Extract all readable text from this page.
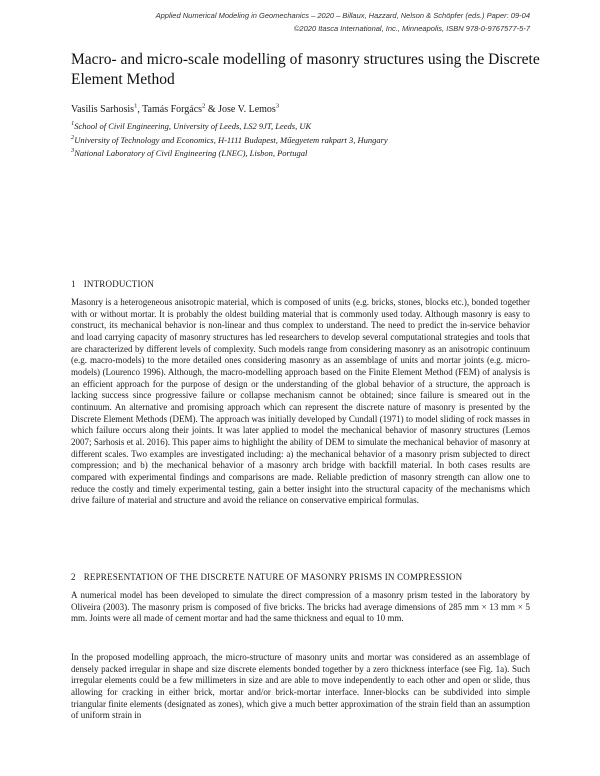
Applied Numerical Modeling in Geomechanics – 2020 – Billaux, Hazzard, Nelson & Schöpfer (eds.) Paper: 09-04
©2020 Itasca International, Inc., Minneapolis, ISBN 978-0-9767577-5-7
Macro- and micro-scale modelling of masonry structures using the Discrete Element Method
Vasilis Sarhosis$^1$, Tamás Forgács$^2$ & Jose V. Lemos$^3$
$^1$School of Civil Engineering, University of Leeds, LS2 9JT, Leeds, UK
$^2$University of Technology and Economics, H-1111 Budapest, Műegyetem rakpart 3, Hungary
$^3$National Laboratory of Civil Engineering (LNEC), Lisbon, Portugal
1 INTRODUCTION

Masonry is a heterogeneous anisotropic material, which is composed of units (e.g. bricks, stones, blocks etc.), bonded together with or without mortar. It is probably the oldest building material that is commonly used today. Although masonry is easy to construct, its mechanical behavior is non-linear and thus complex to understand. The need to predict the in-service behavior and load carrying capacity of masonry structures has led researchers to develop several computational strategies and tools that are characterized by different levels of complexity. Such models range from considering masonry as an anisotropic continuum (e.g. macro-models) to the more detailed ones considering masonry as an assemblage of units and mortar joints (e.g. micro-models) (Lourenco 1996). Although, the macro-modelling approach based on the Finite Element Method (FEM) of analysis is an efficient approach for the purpose of design or the understanding of the global behavior of a structure, the approach is lacking success since progressive failure or collapse mechanism cannot be obtained; since failure is smeared out in the continuum. An alternative and promising approach which can represent the discrete nature of masonry is presented by the Discrete Element Methods (DEM). The approach was initially developed by Cundall (1971) to model sliding of rock masses in which failure occurs along their joints. It was later applied to model the mechanical behavior of masonry structures (Lemos 2007; Sarhosis et al. 2016). This paper aims to highlight the ability of DEM to simulate the mechanical behavior of masonry at different scales. Two examples are investigated including: a) the mechanical behavior of a masonry prism subjected to direct compression; and b) the mechanical behavior of a masonry arch bridge with backfill material. In both cases results are compared with experimental findings and comparisons are made. Reliable prediction of masonry strength can allow one to reduce the costly and timely experimental testing, gain a better insight into the structural capacity of the mechanisms which drive failure of material and structure and avoid the reliance on conservative empirical formulas.

2 REPRESENTATION OF THE DISCRETE NATURE OF MASONRY PRISMS IN COMPRESSION

A numerical model has been developed to simulate the direct compression of a masonry prism tested in the laboratory by Oliveira (2003). The masonry prism is composed of five bricks. The bricks had average dimensions of 285 mm × 13 mm × 5 mm. Joints were all made of cement mortar and had the same thickness and equal to 10 mm.

In the proposed modelling approach, the micro-structure of masonry units and mortar was considered as an assemblage of densely packed irregular in shape and size discrete elements bonded together by a zero thickness interface (see Fig. 1a). Such irregular elements could be a few millimeters in size and are able to move independently to each other and open or slide, thus allowing for cracking in either brick, mortar and/or brick-mortar interface. Inner-blocks can be subdivided into simple triangular finite elements (designated as zones), which give a much better approximation of the strain field than an assumption of uniform strain in
